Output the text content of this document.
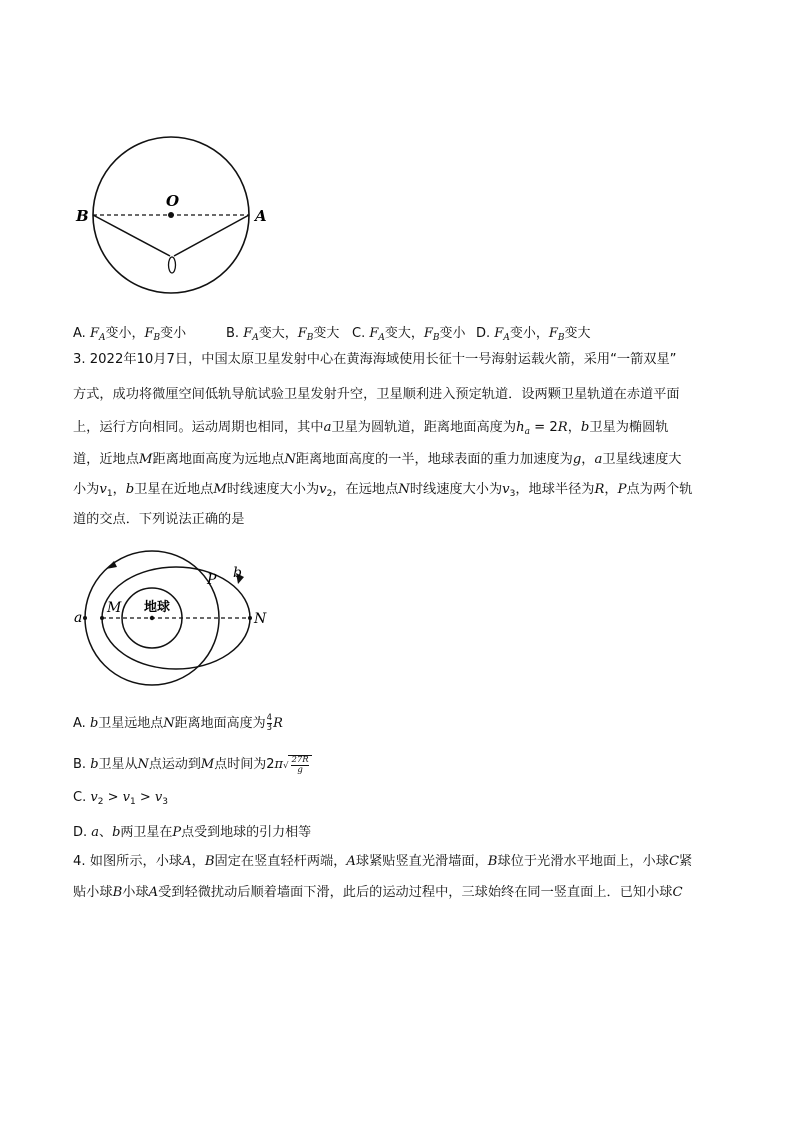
B
O
A
A. $F_A$变小，$F_B$变小	B. $F_A$变大，$F_B$变大 C. $F_A$变大，$F_B$变小 D. $F_A$变小，$F_B$变大
3. 2022年10月7日，中国太原卫星发射中心在黄海海域使用长征十一号海射运载火箭，采用“一箭双星”
方式，成功将微厘空间低轨导航试验卫星发射升空，卫星顺利进入预定轨道．设两颗卫星轨道在赤道平面
上，运行方向相同。运动周期也相同，其中a卫星为圆轨道，距离地面高度为$h_a = 2R$，b卫星为椭圆轨
道，近地点M距离地面高度为远地点N距离地面高度的一半，地球表面的重力加速度为g，a卫星线速度大
小为$v_1$，b卫星在近地点M时线速度大小为$v_2$，在远地点N时线速度大小为$v_3$，地球半径为R，P点为两个轨
道的交点．下列说法正确的是
a
M
N
P b
地球
A. b卫星远地点N距离地面高度为 $\frac{4}{3}$ R
B. b卫星从N点运动到M点时间为$2\pi√ \frac{27R}{g}$
C. $v_2 > v_1 > v_3$
D. a、b两卫星在P点受到地球的引力相等
4. 如图所示，小球A，B固定在竖直轻杆两端，A球紧贴竖直光滑墙面，B球位于光滑水平地面上，小球C紧
贴小球B小球A受到轻微扰动后顺着墙面下滑，此后的运动过程中，三球始终在同一竖直面上．已知小球C
